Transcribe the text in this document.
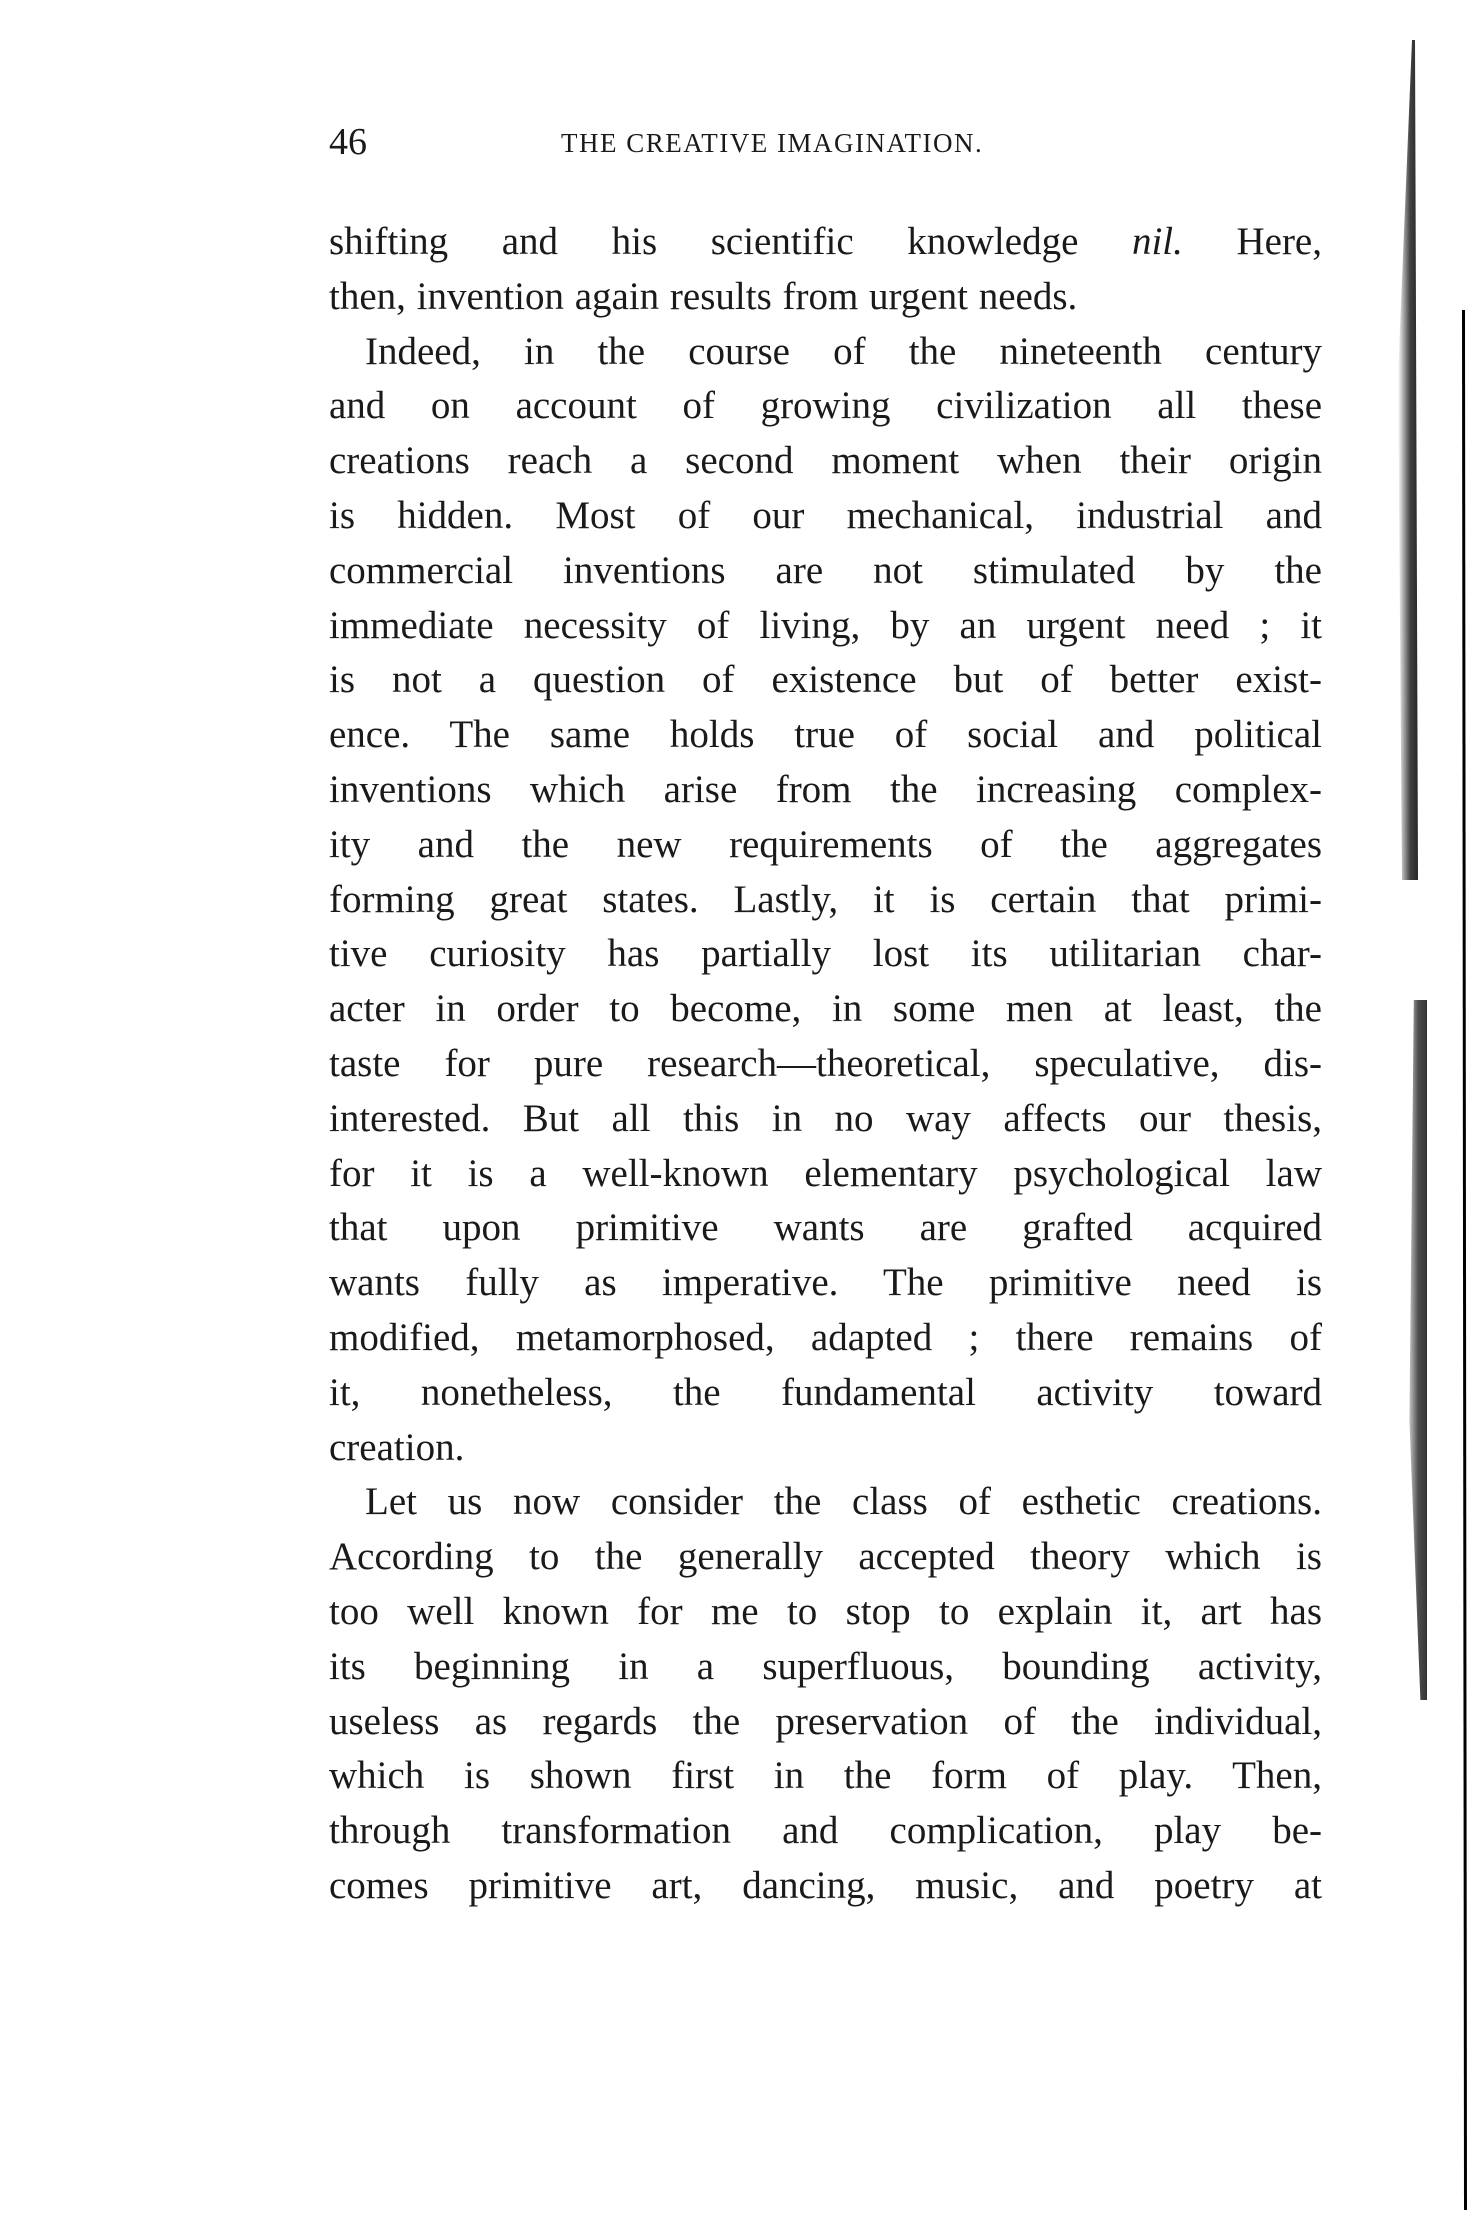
46	THE CREATIVE IMAGINATION.
shifting and his scientific knowledge nil. Here,
then, invention again results from urgent needs.
Indeed, in the course of the nineteenth century
and on account of growing civilization all these
creations reach a second moment when their origin
is hidden. Most of our mechanical, industrial and
commercial inventions are not stimulated by the
immediate necessity of living, by an urgent need ; it
is not a question of existence but of better exist-
ence. The same holds true of social and political
inventions which arise from the increasing complex-
ity and the new requirements of the aggregates
forming great states. Lastly, it is certain that primi-
tive curiosity has partially lost its utilitarian char-
acter in order to become, in some men at least, the
taste for pure research—theoretical, speculative, dis-
interested. But all this in no way affects our thesis,
for it is a well-known elementary psychological law
that upon primitive wants are grafted acquired
wants fully as imperative. The primitive need is
modified, metamorphosed, adapted ; there remains of
it, nonetheless, the fundamental activity toward
creation.
Let us now consider the class of esthetic creations.
According to the generally accepted theory which is
too well known for me to stop to explain it, art has
its beginning in a superfluous, bounding activity,
useless as regards the preservation of the individual,
which is shown first in the form of play. Then,
through transformation and complication, play be-
comes primitive art, dancing, music, and poetry at
